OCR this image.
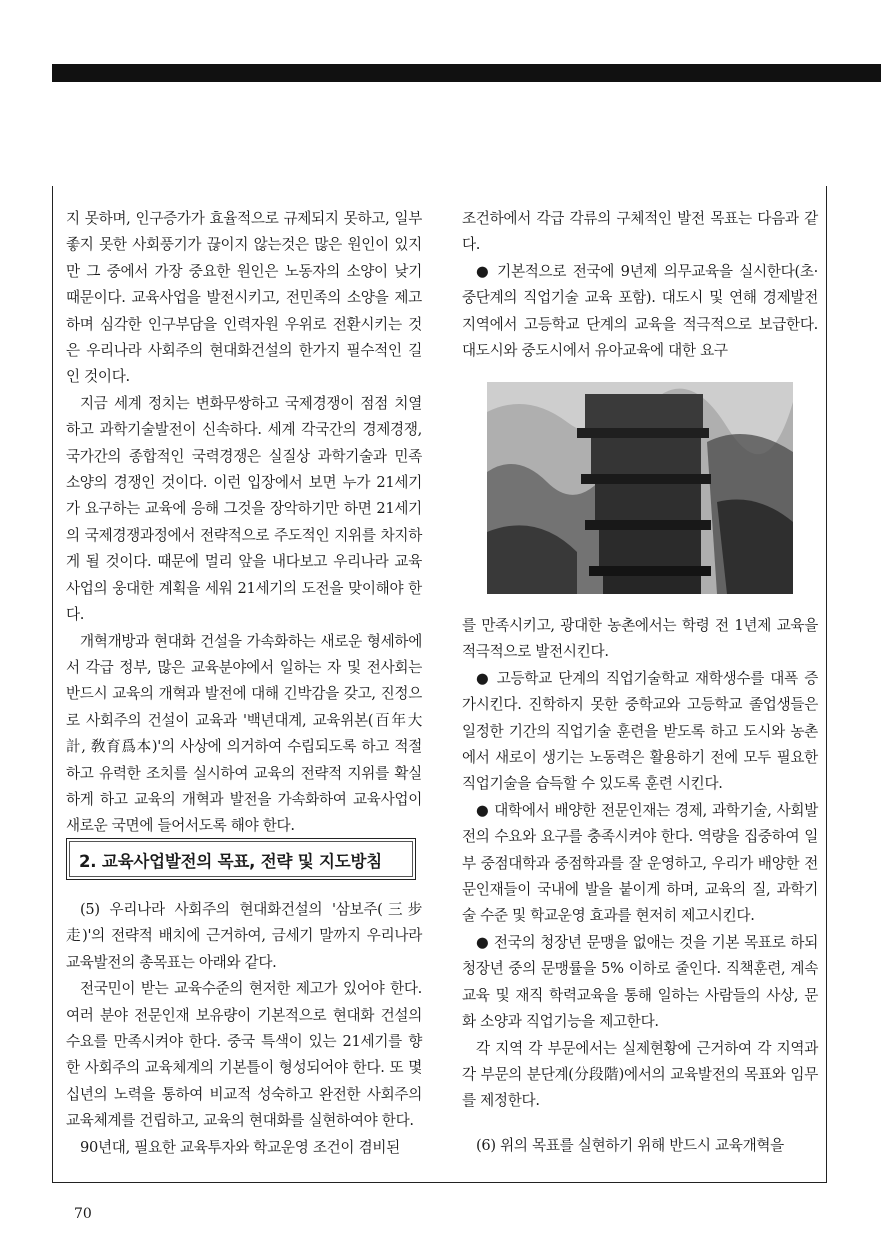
지 못하며, 인구증가가 효율적으로 규제되지 못하고, 일부 좋지 못한 사회풍기가 끊이지 않는것은 많은 원인이 있지만 그 중에서 가장 중요한 원인은 노동자의 소양이 낮기 때문이다. 교육사업을 발전시키고, 전민족의 소양을 제고하며 심각한 인구부담을 인력자원 우위로 전환시키는 것은 우리나라 사회주의 현대화건설의 한가지 필수적인 길인 것이다.

지금 세계 정치는 변화무쌍하고 국제경쟁이 점점 치열하고 과학기술발전이 신속하다. 세계 각국간의 경제경쟁, 국가간의 종합적인 국력경쟁은 실질상 과학기술과 민족 소양의 경쟁인 것이다. 이런 입장에서 보면 누가 21세기가 요구하는 교육에 응해 그것을 장악하기만 하면 21세기의 국제경쟁과정에서 전략적으로 주도적인 지위를 차지하게 될 것이다. 때문에 멀리 앞을 내다보고 우리나라 교육사업의 웅대한 계획을 세워 21세기의 도전을 맞이해야 한다.

개혁개방과 현대화 건설을 가속화하는 새로운 형세하에서 각급 정부, 많은 교육분야에서 일하는 자 및 전사회는 반드시 교육의 개혁과 발전에 대해 긴박감을 갖고, 진정으로 사회주의 건설이 교육과 '백년대계, 교육위본(百年大計, 敎育爲本)'의 사상에 의거하여 수립되도록 하고 적절하고 유력한 조치를 실시하여 교육의 전략적 지위를 확실하게 하고 교육의 개혁과 발전을 가속화하여 교육사업이 새로운 국면에 들어서도록 해야 한다.

2. 교육사업발전의 목표, 전략 및 지도방침

(5) 우리나라 사회주의 현대화건설의 '삼보주(三步走)'의 전략적 배치에 근거하여, 금세기 말까지 우리나라 교육발전의 총목표는 아래와 같다.

전국민이 받는 교육수준의 현저한 제고가 있어야 한다. 여러 분야 전문인재 보유량이 기본적으로 현대화 건설의 수요를 만족시켜야 한다. 중국 특색이 있는 21세기를 향한 사회주의 교육체계의 기본틀이 형성되어야 한다. 또 몇십년의 노력을 통하여 비교적 성숙하고 완전한 사회주의 교육체계를 건립하고, 교육의 현대화를 실현하여야 한다.

90년대, 필요한 교육투자와 학교운영 조건이 겸비된

조건하에서 각급 각류의 구체적인 발전 목표는 다음과 같다.

● 기본적으로 전국에 9년제 의무교육을 실시한다(초·중단계의 직업기술 교육 포함). 대도시 및 연해 경제발전 지역에서 고등학교 단계의 교육을 적극적으로 보급한다. 대도시와 중도시에서 유아교육에 대한 요구

를 만족시키고, 광대한 농촌에서는 학령 전 1년제 교육을 적극적으로 발전시킨다.

● 고등학교 단계의 직업기술학교 재학생수를 대폭 증가시킨다. 진학하지 못한 중학교와 고등학교 졸업생들은 일정한 기간의 직업기술 훈련을 받도록 하고 도시와 농촌에서 새로이 생기는 노동력은 활용하기 전에 모두 필요한 직업기술을 습득할 수 있도록 훈련 시킨다.

● 대학에서 배양한 전문인재는 경제, 과학기술, 사회발전의 수요와 요구를 충족시켜야 한다. 역량을 집중하여 일부 중점대학과 중점학과를 잘 운영하고, 우리가 배양한 전문인재들이 국내에 발을 붙이게 하며, 교육의 질, 과학기술 수준 및 학교운영 효과를 현저히 제고시킨다.

● 전국의 청장년 문맹을 없애는 것을 기본 목표로 하되 청장년 중의 문맹률을 5% 이하로 줄인다. 직책훈련, 계속교육 및 재직 학력교육을 통해 일하는 사람들의 사상, 문화 소양과 직업기능을 제고한다.

각 지역 각 부문에서는 실제현황에 근거하여 각 지역과 각 부문의 분단계(分段階)에서의 교육발전의 목표와 임무를 제정한다.

(6) 위의 목표를 실현하기 위해 반드시 교육개혁을

70
